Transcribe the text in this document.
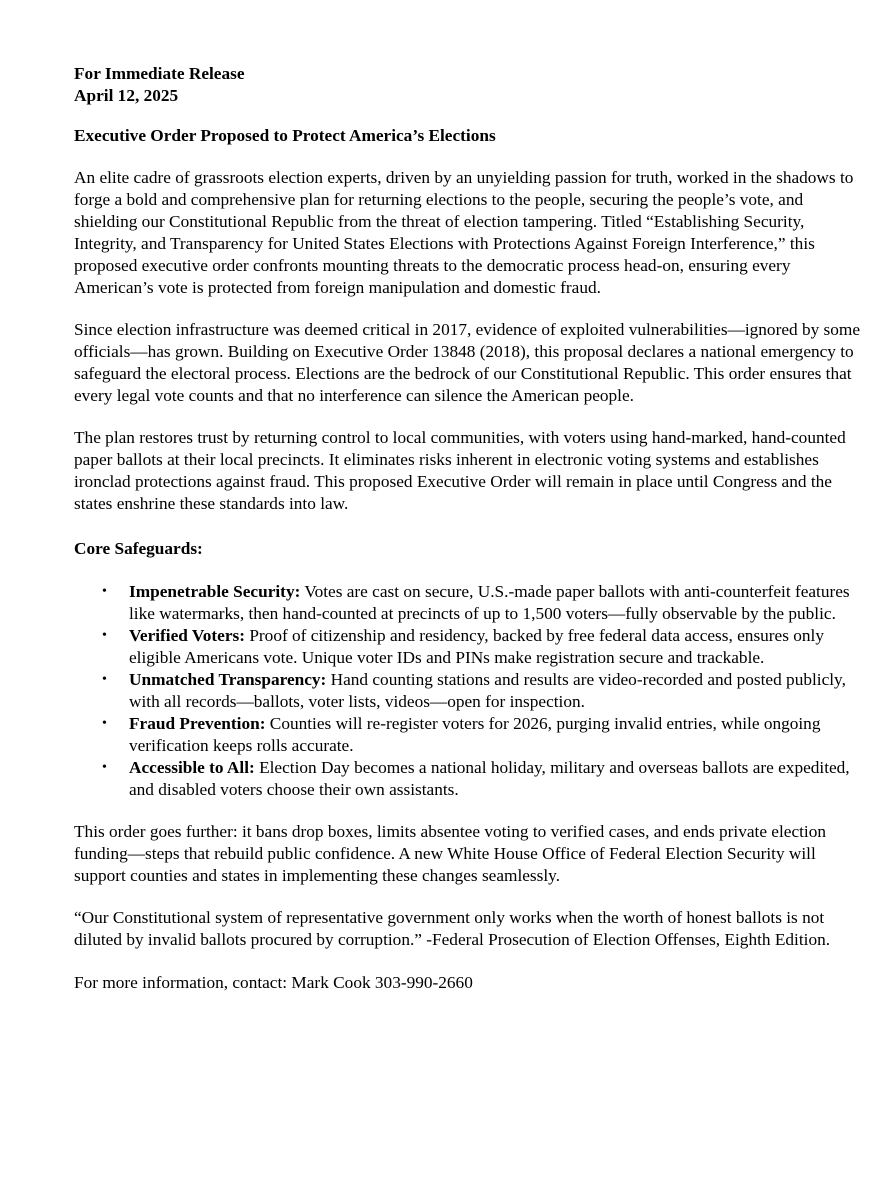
For Immediate Release

April 12, 2025

Executive Order Proposed to Protect America’s Elections

An elite cadre of grassroots election experts, driven by an unyielding passion for truth, worked in the shadows to forge a bold and comprehensive plan for returning elections to the people, securing the people’s vote, and shielding our Constitutional Republic from the threat of election tampering. Titled “Establishing Security, Integrity, and Transparency for United States Elections with Protections Against Foreign Interference,” this proposed executive order confronts mounting threats to the democratic process head-on, ensuring every American’s vote is protected from foreign manipulation and domestic fraud.

Since election infrastructure was deemed critical in 2017, evidence of exploited vulnerabilities—ignored by some officials—has grown. Building on Executive Order 13848 (2018), this proposal declares a national emergency to safeguard the electoral process. Elections are the bedrock of our Constitutional Republic. This order ensures that every legal vote counts and that no interference can silence the American people.

The plan restores trust by returning control to local communities, with voters using hand-marked, hand-counted paper ballots at their local precincts. It eliminates risks inherent in electronic voting systems and establishes ironclad protections against fraud. This proposed Executive Order will remain in place until Congress and the states enshrine these standards into law.

Core Safeguards:

• Impenetrable Security: Votes are cast on secure, U.S.-made paper ballots with anti-counterfeit features like watermarks, then hand-counted at precincts of up to 1,500 voters—fully observable by the public.
• Verified Voters: Proof of citizenship and residency, backed by free federal data access, ensures only eligible Americans vote. Unique voter IDs and PINs make registration secure and trackable.
• Unmatched Transparency: Hand counting stations and results are video-recorded and posted publicly, with all records—ballots, voter lists, videos—open for inspection.
• Fraud Prevention: Counties will re-register voters for 2026, purging invalid entries, while ongoing verification keeps rolls accurate.
• Accessible to All: Election Day becomes a national holiday, military and overseas ballots are expedited, and disabled voters choose their own assistants.

This order goes further: it bans drop boxes, limits absentee voting to verified cases, and ends private election funding—steps that rebuild public confidence. A new White House Office of Federal Election Security will support counties and states in implementing these changes seamlessly.

“Our Constitutional system of representative government only works when the worth of honest ballots is not diluted by invalid ballots procured by corruption.” -Federal Prosecution of Election Offenses, Eighth Edition.

For more information, contact: Mark Cook 303-990-2660
